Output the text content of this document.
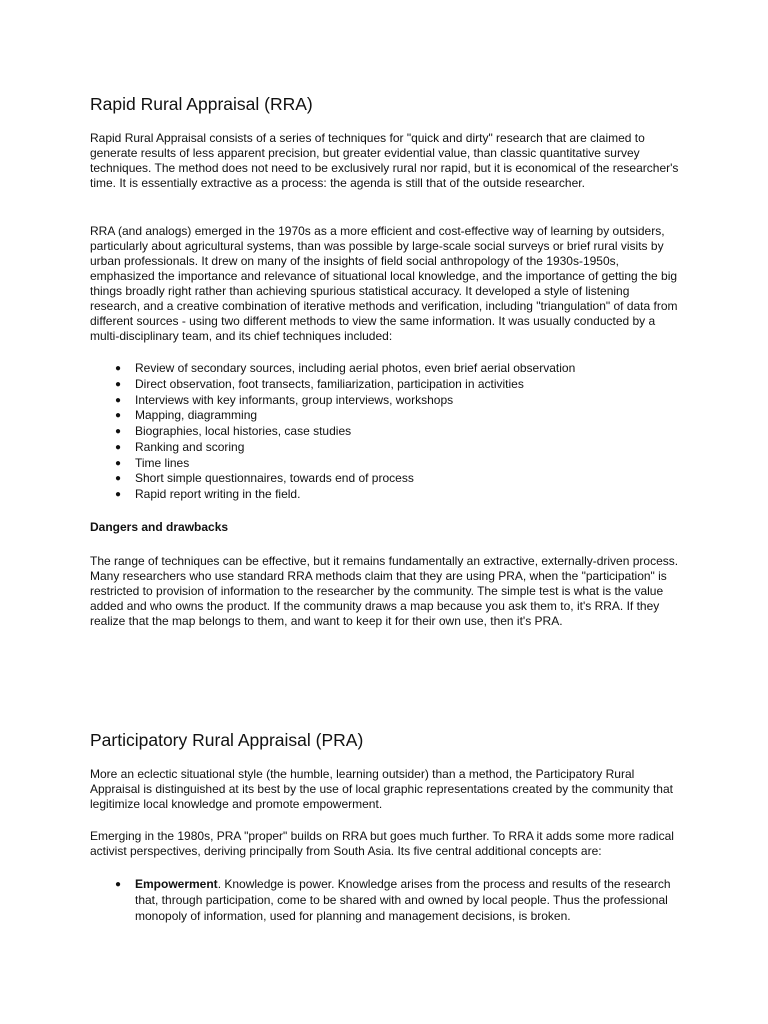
Rapid Rural Appraisal (RRA)

Rapid Rural Appraisal consists of a series of techniques for "quick and dirty" research that are claimed to generate results of less apparent precision, but greater evidential value, than classic quantitative survey techniques. The method does not need to be exclusively rural nor rapid, but it is economical of the researcher's time. It is essentially extractive as a process: the agenda is still that of the outside researcher.

RRA (and analogs) emerged in the 1970s as a more efficient and cost-effective way of learning by outsiders, particularly about agricultural systems, than was possible by large-scale social surveys or brief rural visits by urban professionals. It drew on many of the insights of field social anthropology of the 1930s-1950s, emphasized the importance and relevance of situational local knowledge, and the importance of getting the big things broadly right rather than achieving spurious statistical accuracy. It developed a style of listening research, and a creative combination of iterative methods and verification, including "triangulation" of data from different sources - using two different methods to view the same information. It was usually conducted by a multi-disciplinary team, and its chief techniques included:

● Review of secondary sources, including aerial photos, even brief aerial observation
● Direct observation, foot transects, familiarization, participation in activities
● Interviews with key informants, group interviews, workshops
● Mapping, diagramming
● Biographies, local histories, case studies
● Ranking and scoring
● Time lines
● Short simple questionnaires, towards end of process
● Rapid report writing in the field.
Dangers and drawbacks

The range of techniques can be effective, but it remains fundamentally an extractive, externally-driven process. Many researchers who use standard RRA methods claim that they are using PRA, when the "participation" is restricted to provision of information to the researcher by the community. The simple test is what is the value added and who owns the product. If the community draws a map because you ask them to, it's RRA. If they realize that the map belongs to them, and want to keep it for their own use, then it's PRA.

Participatory Rural Appraisal (PRA)

More an eclectic situational style (the humble, learning outsider) than a method, the Participatory Rural Appraisal is distinguished at its best by the use of local graphic representations created by the community that legitimize local knowledge and promote empowerment.

Emerging in the 1980s, PRA "proper" builds on RRA but goes much further. To RRA it adds some more radical activist perspectives, deriving principally from South Asia. Its five central additional concepts are:

● Empowerment. Knowledge is power. Knowledge arises from the process and results of the research that, through participation, come to be shared with and owned by local people. Thus the professional monopoly of information, used for planning and management decisions, is broken.
